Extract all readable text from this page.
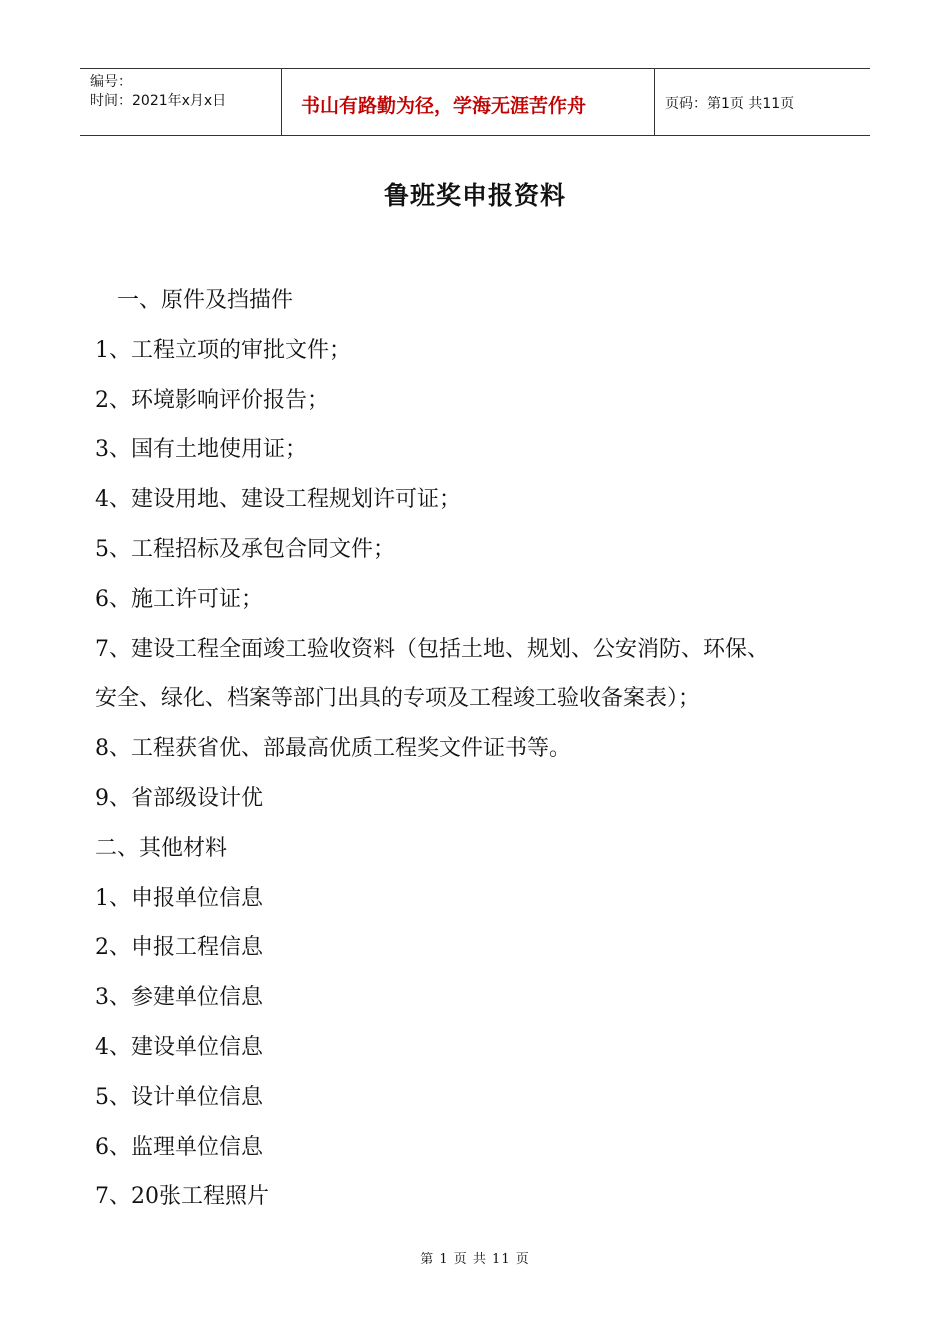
编号：
时间：2021年x月x日	书山有路勤为径，学海无涯苦作舟	页码：第1页 共11页
鲁班奖申报资料
一、原件及挡描件
1、工程立项的审批文件；
2、环境影响评价报告；
3、国有土地使用证；
4、建设用地、建设工程规划许可证；
5、工程招标及承包合同文件；
6、施工许可证；
7、建设工程全面竣工验收资料（包括土地、规划、公安消防、环保、
安全、绿化、档案等部门出具的专项及工程竣工验收备案表）；
8、工程获省优、部最高优质工程奖文件证书等。
9、省部级设计优
二、其他材料
1、申报单位信息
2、申报工程信息
3、参建单位信息
4、建设单位信息
5、设计单位信息
6、监理单位信息
7、20张工程照片
第 1 页 共 11 页
